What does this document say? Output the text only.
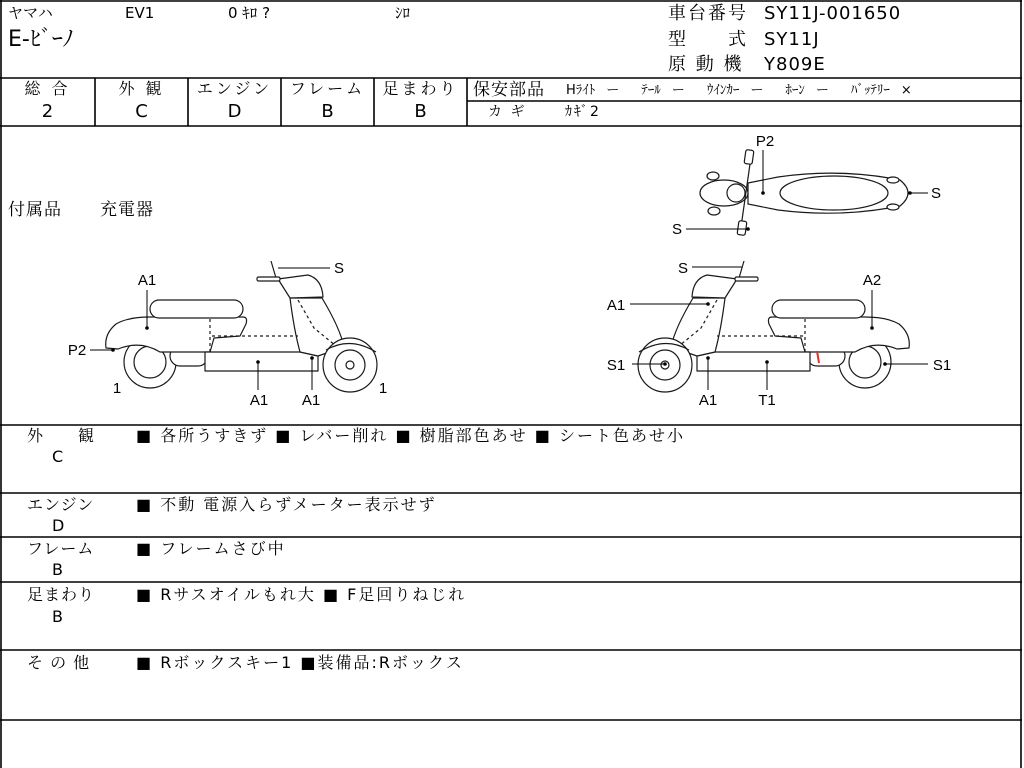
S
A1
P2
1
A1 A1
1
S
A2
A1
S1
A1	T1
S1
P2
S
S
ヤマハ	EV1	0 ｷﾛ ?	ｼﾛ
E-ﾋﾞｰﾉ
車台番号 SY11J-001650
型　　式 SY11J
原 動 機 Y809E
総 合
2
外 観
C
エンジン
D
フレーム
B
足まわり
B
保安部品 Hﾗｲﾄ ー ﾃｰﾙ ー ｳｲﾝｶｰ ー ﾎｰﾝ ー ﾊﾞｯﾃﾘｰ ×
カ ギ	ｶｷﾞ2
付属品 充電器
外　　観
C
■ 各所うすきず ■ レバー削れ ■ 樹脂部色あせ ■ シート色あせ小
エンジン
D
■ 不動 電源入らずメーター表示せず
フレーム
B
■ フレームさび中
足まわり
B
■ Rサスオイルもれ大 ■ F足回りねじれ
そ の 他	■ Rボックスキー1 ■装備品:Rボックス
